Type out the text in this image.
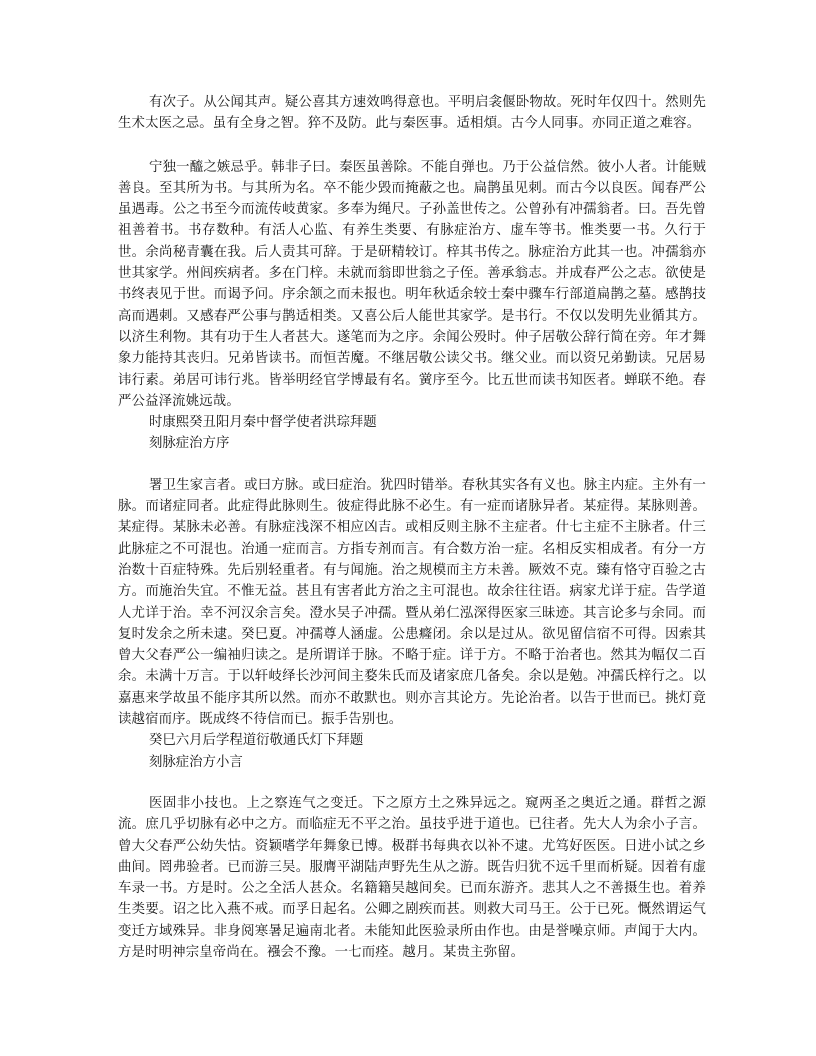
有次子。从公闻其声。疑公喜其方速效鸣得意也。平明启衾偃卧物故。死时年仅四十。然则先生术太医之忌。虽有全身之智。猝不及防。此与秦医事。适相煩。古今人同事。亦同正道之难容。

宁独一醯之嫉忌乎。韩非子曰。秦医虽善除。不能自弹也。乃于公益信然。彼小人者。计能贼善良。至其所为书。与其所为名。卒不能少毁而掩蔽之也。扁鹊虽见刺。而古今以良医。闻春严公虽遇毒。公之书至今而流传岐黄家。多奉为绳尺。子孙盖世传之。公曾孙有冲孺翁者。曰。吾先曾祖善着书。书存数种。有活人心监、有养生类要、有脉症治方、虚车等书。惟类要一书。久行于世。余尚秘青囊在我。后人责其可辞。于是研精较订。梓其书传之。脉症治方此其一也。冲孺翁亦世其家学。州闾疾病者。多在门梓。未就而翁即世翁之子侄。善承翁志。并成春严公之志。欲使是书终表见于世。而谒予问。序余颔之而未报也。明年秋适余较士秦中骤车行部道扁鹊之墓。感鹊技高而遇刺。又感春严公事与鹊适相类。又喜公后人能世其家学。是书行。不仅以发明先业循其方。以济生利物。其有功于生人者甚大。遂笔而为之序。余闻公殁时。仲子居敬公辞行简在旁。年才舞象力能持其丧归。兄弟皆读书。而恒苦魔。不继居敬公读父书。继父业。而以资兄弟勤读。兄居易讳行素。弟居可讳行兆。皆举明经官学博最有名。黉序至今。比五世而读书知医者。蝉联不绝。春严公益泽流姚远哉。

时康熙癸丑阳月秦中督学使者洪琮拜题

刻脉症治方序

署卫生家言者。或曰方脉。或曰症治。犹四时错举。春秋其实各有义也。脉主内症。主外有一脉。而诸症同者。此症得此脉则生。彼症得此脉不必生。有一症而诸脉异者。某症得。某脉则善。某症得。某脉未必善。有脉症浅深不相应凶吉。或相反则主脉不主症者。什七主症不主脉者。什三此脉症之不可混也。治通一症而言。方指专剂而言。有合数方治一症。名相反实相成者。有分一方治数十百症特殊。先后别轻重者。有与闻施。治之规模而主方未善。厥效不克。臻有恪守百验之古方。而施治失宜。不惟无益。甚且有害者此方治之主可混也。故余往往语。病家尤详于症。告学道人尤详于治。幸不河汉余言矣。澄水吴子冲孺。暨从弟仁泓深得医家三昧迹。其言论多与余同。而复时发余之所未逮。癸巳夏。冲孺尊人涵虚。公患癃闭。余以是过从。欲见留信宿不可得。因索其曾大父春严公一编袖归读之。是所谓详于脉。不略于症。详于方。不略于治者也。然其为幅仅二百余。未满十万言。于以轩岐绎长沙河间主婺朱氏而及诸家庶几备矣。余以是勉。冲孺氏梓行之。以嘉惠来学故虽不能序其所以然。而亦不敢默也。则亦言其论方。先论治者。以告于世而已。挑灯竟读越宿而序。既成终不待信而已。振手告别也。

癸巳六月后学程道衍敬通氏灯下拜题

刻脉症治方小言

医固非小技也。上之察连气之变迁。下之原方土之殊异远之。窥两圣之奥近之通。群哲之源流。庶几乎切脉有必中之方。而临症无不平之治。虽技乎进于道也。已往者。先大人为余小子言。曾大父春严公幼失怙。资颖嗜学年舞象已博。极群书每典衣以补不逮。尤笃好医医。日进小试之乡曲间。罔弗验者。已而游三吴。服膺平湖陆声野先生从之游。既告归犹不远千里而析疑。因着有虚车录一书。方是时。公之全活人甚众。名籍籍吴越间矣。已而东游齐。悲其人之不善摄生也。着养生类要。诏之比入燕不戒。而孚日起名。公卿之剧疾而甚。则救大司马王。公于已死。慨然谓运气变迁方域殊异。非身阅寒暑足遍南北者。未能知此医验录所由作也。由是誉噪京师。声闻于大内。方是时明神宗皇帝尚在。襁会不豫。一七而痊。越月。某贵主弥留。
